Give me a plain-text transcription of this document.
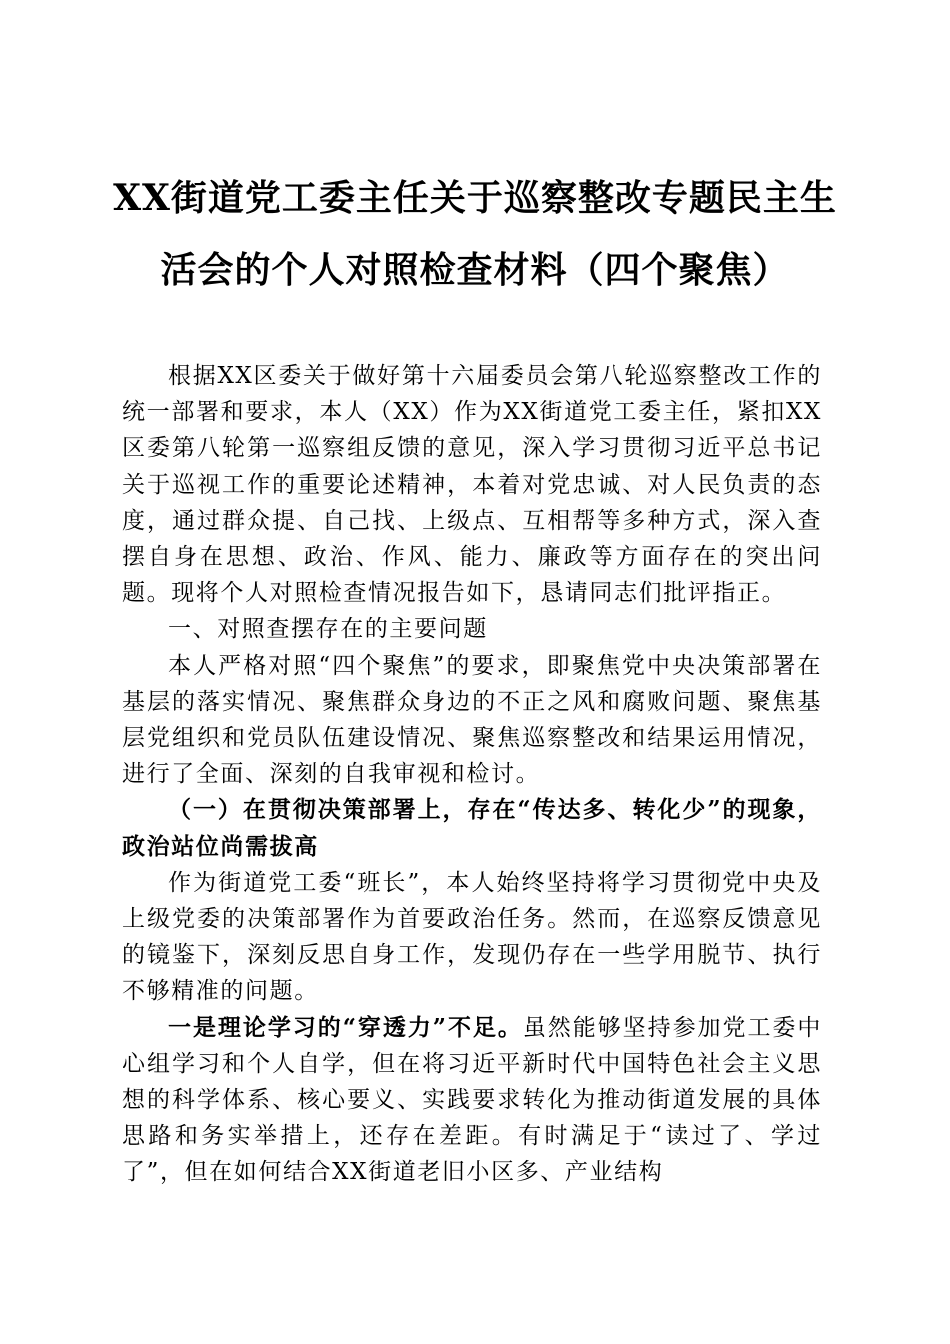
XX街道党工委主任关于巡察整改专题民主生
活会的个人对照检查材料（四个聚焦）

根据XX区委关于做好第十六届委员会第八轮巡察整改工作的统一部署和要求，本人（XX）作为XX街道党工委主任，紧扣XX区委第八轮第一巡察组反馈的意见，深入学习贯彻习近平总书记关于巡视工作的重要论述精神，本着对党忠诚、对人民负责的态度，通过群众提、自己找、上级点、互相帮等多种方式，深入查摆自身在思想、政治、作风、能力、廉政等方面存在的突出问题。现将个人对照检查情况报告如下，恳请同志们批评指正。

一、对照查摆存在的主要问题

本人严格对照“四个聚焦”的要求，即聚焦党中央决策部署在基层的落实情况、聚焦群众身边的不正之风和腐败问题、聚焦基层党组织和党员队伍建设情况、聚焦巡察整改和结果运用情况，进行了全面、深刻的自我审视和检讨。

（一）在贯彻决策部署上，存在“传达多、转化少”的现象，政治站位尚需拔高

作为街道党工委“班长”，本人始终坚持将学习贯彻党中央及上级党委的决策部署作为首要政治任务。然而，在巡察反馈意见的镜鉴下，深刻反思自身工作，发现仍存在一些学用脱节、执行不够精准的问题。

一是理论学习的“穿透力”不足。虽然能够坚持参加党工委中心组学习和个人自学，但在将习近平新时代中国特色社会主义思想的科学体系、核心要义、实践要求转化为推动街道发展的具体思路和务实举措上，还存在差距。有时满足于“读过了、学过了”，但在如何结合XX街道老旧小区多、产业结构
